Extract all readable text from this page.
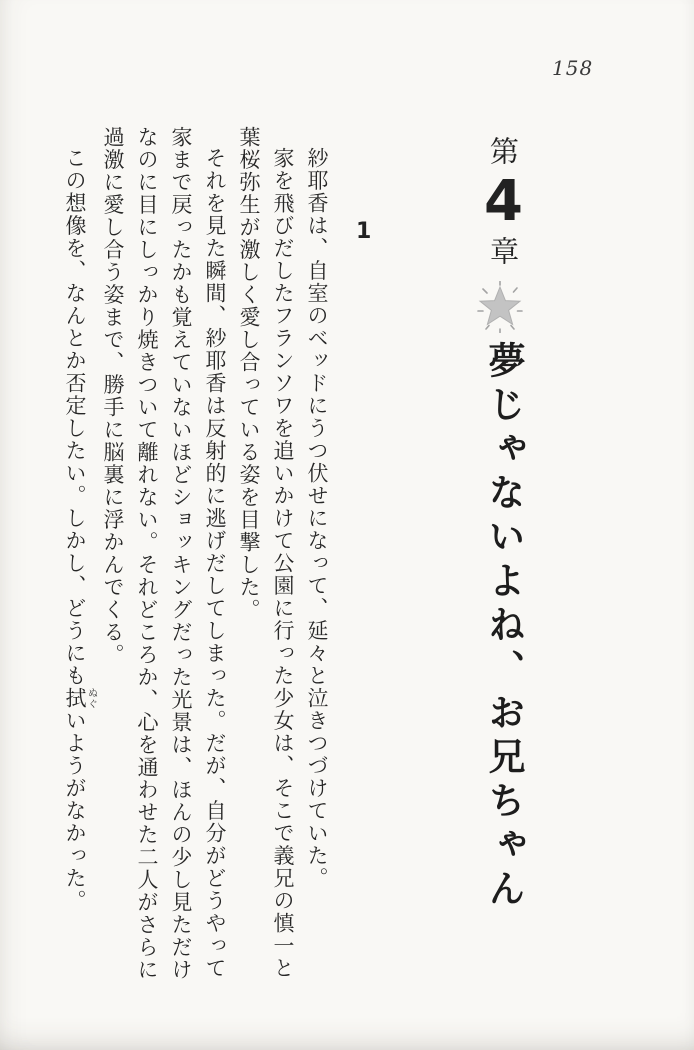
158
第4章夢じゃないよね、お兄ちゃん
1

紗耶香は、自室のベッドにうつ伏せになって、延々と泣きつづけていた。

家を飛びだしたフランソワを追いかけて公園に行った少女は、そこで義兄の慎一と葉桜弥生が激しく愛し合っている姿を目撃した。

それを見た瞬間、紗耶香は反射的に逃げだしてしまった。だが、自分がどうやって家まで戻ったかも覚えていないほどショッキングだった光景は、ほんの少し見ただけなのに目にしっかり焼きついて離れない。それどころか、心を通わせた二人がさらに過激に愛し合う姿まで、勝手に脳裏に浮かんでくる。

この想像を、なんとか否定したい。しかし、どうにも拭ぬぐいようがなかった。
